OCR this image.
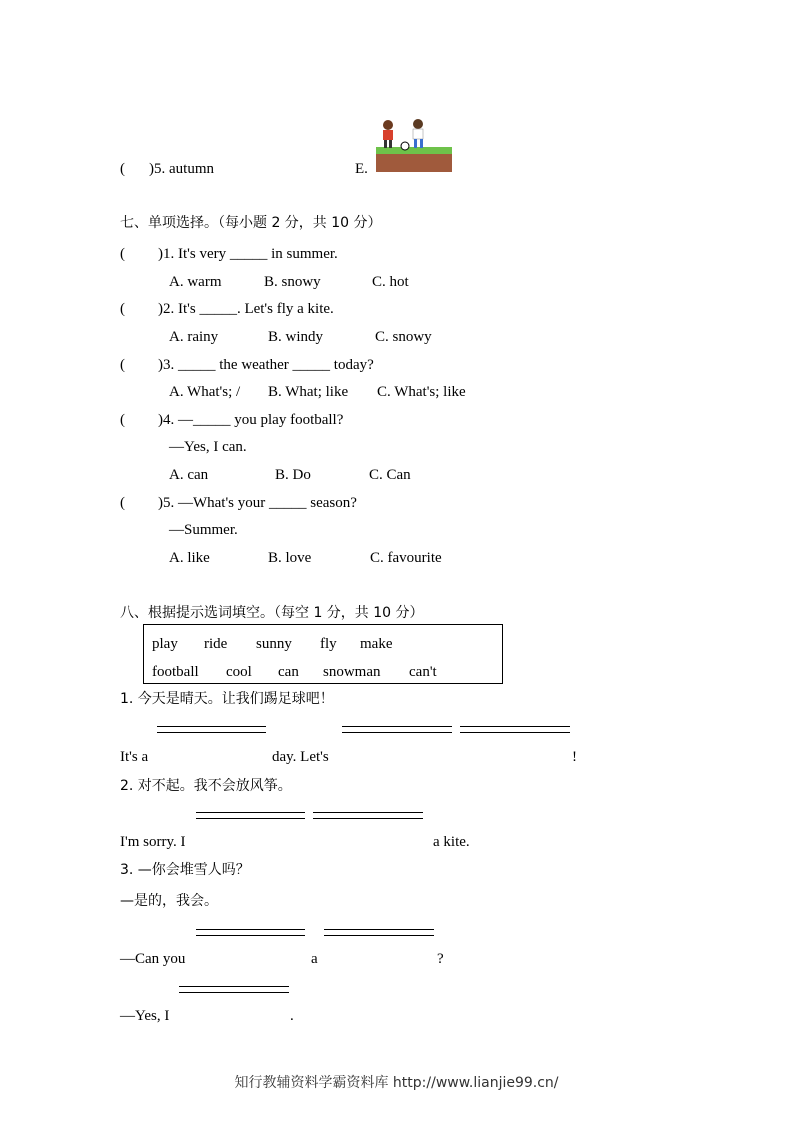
( )5. autumn	E.
七、单项选择。（每小题 2 分，共 10 分）
( )1. It's very _____ in summer.
A. warm	B. snowy	C. hot
( )2. It's _____. Let's fly a kite.
A. rainy	B. windy	C. snowy
( )3. _____ the weather _____ today?
A. What's; / B. What; like C. What's; like
( )4. —_____ you play football?
—Yes, I can.
A. can	B. Do	C. Can
( )5. —What's your _____ season?
—Summer.
A. like	B. love	C. favourite
八、根据提示选词填空。（每空 1 分，共 10 分）
play ride sunny fly make
football cool can snowman can't
1. 今天是晴天。让我们踢足球吧！
It's a	day. Let's	!
2. 对不起。我不会放风筝。
I'm sorry. I	a kite.
3. —你会堆雪人吗？
—是的，我会。
—Can you	a	?
—Yes, I	.
知行教辅资料学霸资料库 http://www.lianjie99.cn/
